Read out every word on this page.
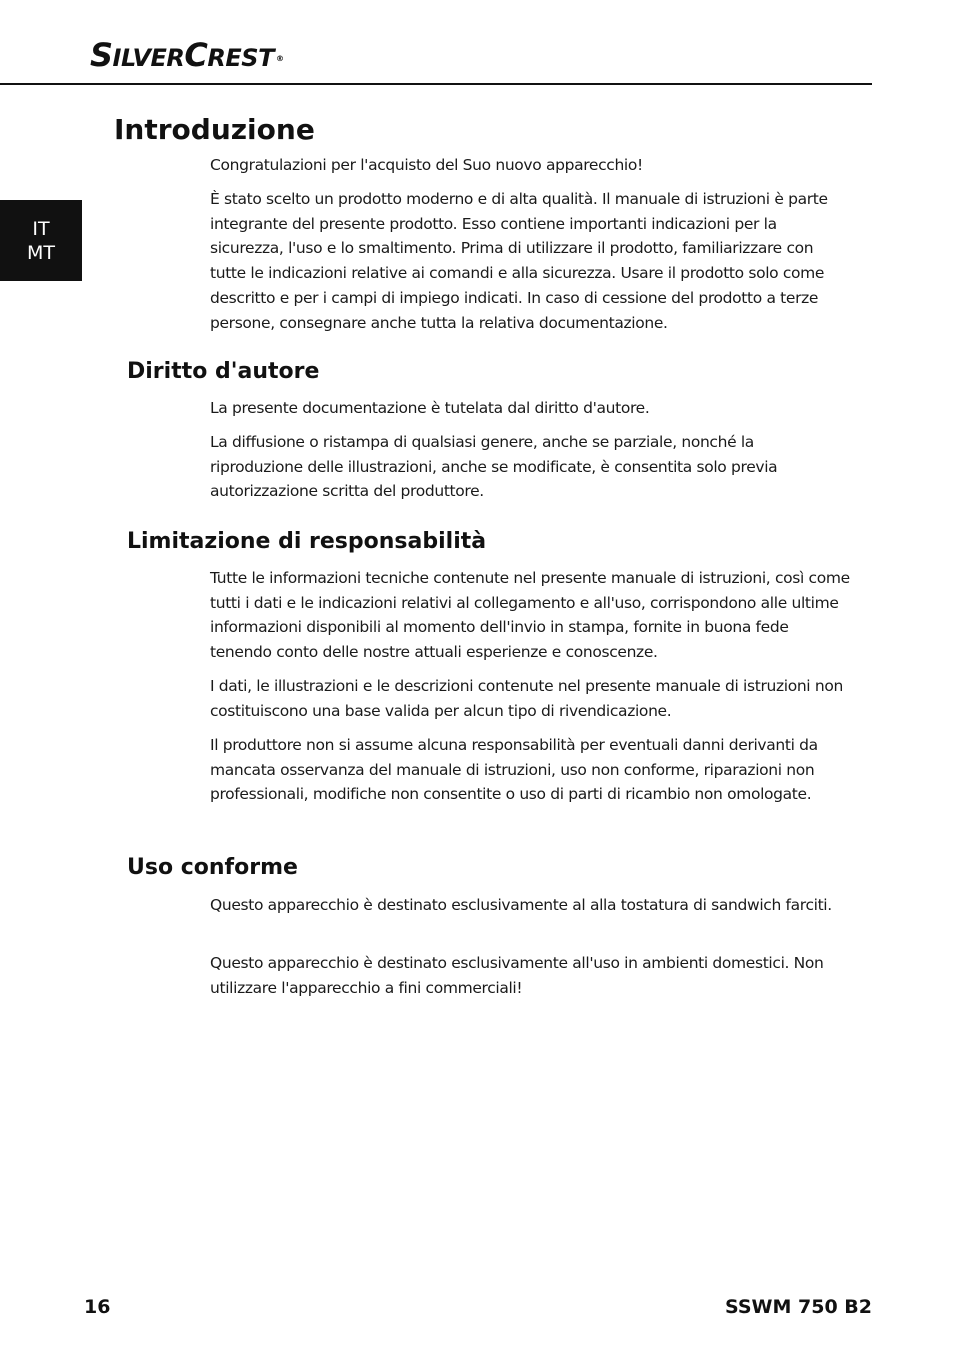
SILVERCREST ®
IT
MT
Introduzione

Congratulazioni per l'acquisto del Suo nuovo apparecchio!

È stato scelto un prodotto moderno e di alta qualità. Il manuale di istruzioni è parte integrante del presente prodotto. Esso contiene importanti indicazioni per la sicurezza, l'uso e lo smaltimento. Prima di utilizzare il prodotto, familiarizzare con tutte le indicazioni relative ai comandi e alla sicurezza. Usare il prodotto solo come descritto e per i campi di impiego indicati. In caso di cessione del prodotto a terze persone, consegnare anche tutta la relativa documentazione.

Diritto d'autore

La presente documentazione è tutelata dal diritto d'autore.

La diffusione o ristampa di qualsiasi genere, anche se parziale, nonché la riproduzione delle illustrazioni, anche se modificate, è consentita solo previa autorizzazione scritta del produttore.

Limitazione di responsabilità

Tutte le informazioni tecniche contenute nel presente manuale di istruzioni, così come tutti i dati e le indicazioni relativi al collegamento e all'uso, corrispondono alle ultime informazioni disponibili al momento dell'invio in stampa, fornite in buona fede tenendo conto delle nostre attuali esperienze e conoscenze.

I dati, le illustrazioni e le descrizioni contenute nel presente manuale di istruzioni non costituiscono una base valida per alcun tipo di rivendicazione.

Il produttore non si assume alcuna responsabilità per eventuali danni derivanti da mancata osservanza del manuale di istruzioni, uso non conforme, riparazioni non professionali, modifiche non consentite o uso di parti di ricambio non omologate.

Uso conforme

Questo apparecchio è destinato esclusivamente al alla tostatura di sandwich farciti.

Questo apparecchio è destinato esclusivamente all'uso in ambienti domestici. Non utilizzare l'apparecchio a fini commerciali!

16	SSWM 750 B2
